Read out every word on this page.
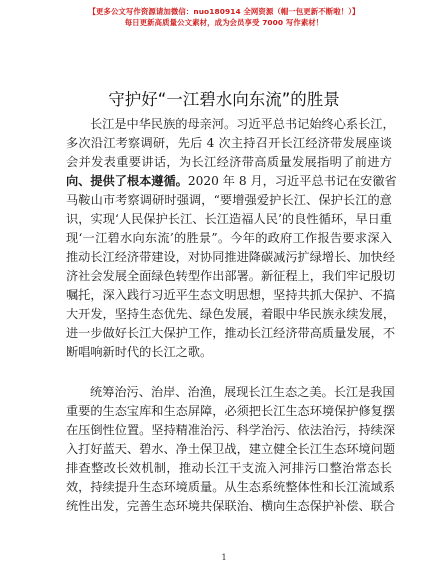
【更多公文写作资源请加微信：nuo180914 全网资源（帽一包更新不断啦！）】
每日更新高质量公文素材，成为会员享受 7000 写作素材！
守护好“一江碧水向东流”的胜景
长江是中华民族的母亲河。习近平总书记始终心系长江，
多次沿江考察调研，先后 4 次主持召开长江经济带发展座谈
会并发表重要讲话，为长江经济带高质量发展指明了前进方
向、提供了根本遵循。2020 年 8 月，习近平总书记在安徽省
马鞍山市考察调研时强调，“要增强爱护长江、保护长江的意
识，实现‘人民保护长江、长江造福人民’的良性循环，早日重
现‘一江碧水向东流’的胜景”。今年的政府工作报告要求深入
推动长江经济带建设，对协同推进降碳减污扩绿增长、加快经
济社会发展全面绿色转型作出部署。新征程上，我们牢记殷切
嘱托，深入践行习近平生态文明思想，坚持共抓大保护、不搞
大开发，坚持生态优先、绿色发展，着眼中华民族永续发展，
进一步做好长江大保护工作，推动长江经济带高质量发展，不
断唱响新时代的长江之歌。
统筹治污、治岸、治渔，展现长江生态之美。长江是我国
重要的生态宝库和生态屏障，必须把长江生态环境保护修复摆
在压倒性位置。坚持精准治污、科学治污、依法治污，持续深
入打好蓝天、碧水、净土保卫战，建立健全长江生态环境问题
排查整改长效机制，推动长江干支流入河排污口整治常态长
效，持续提升生态环境质量。从生态系统整体性和长江流域系
统性出发，完善生态环境共保联治、横向生态保护补偿、联合
1
